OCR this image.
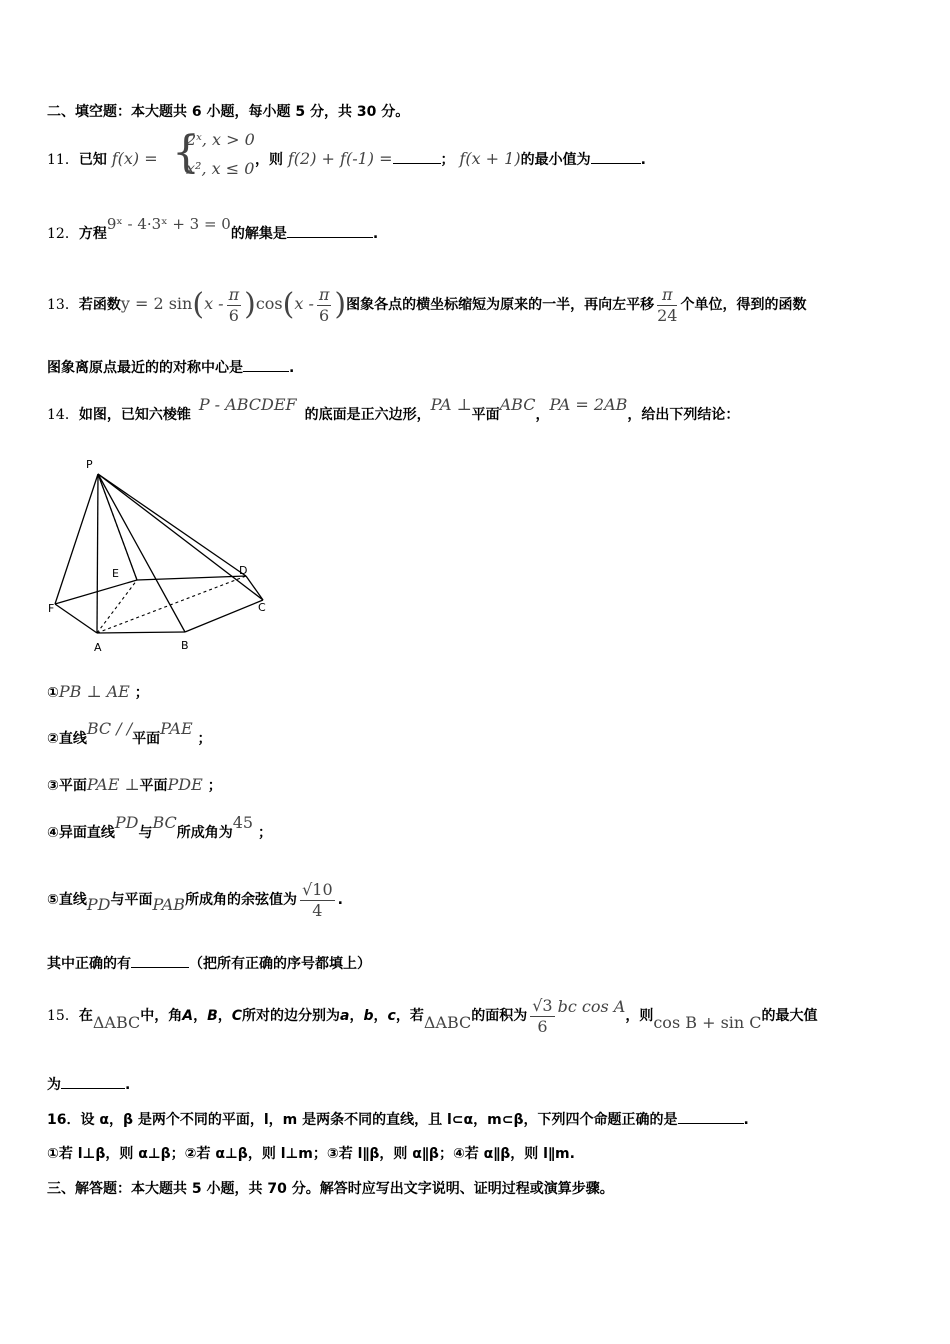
二、填空题：本大题共 6 小题，每小题 5 分，共 30 分。
11．已知 f(x) = {
2ˣ, x > 0
x², x ≤ 0 ，则 f(2) + f(-1) =	； f(x + 1)的最小值为	.
12．方程9ˣ - 4·3ˣ + 3 = 0的解集是	.
13．若函数y = 2 $\sin(x - \frac{\pi}{6} )\cos(x - \frac{\pi}{6}$ )图象各点的横坐标缩短为原来的一半，再向左平移 $\frac{\pi}{24}$ 个单位，得到的函数
图象离原点最近的的对称中心是	.
14．如图，已知六棱锥P - ABCDEF的底面是正六边形，PA ⊥平面ABC，PA = 2AB，给出下列结论：
P
E	D
F	C
A	B
①PB ⊥ AE ；
②直线BC / /平面PAE ；
③平面PAE ⊥平面PDE ；
④异面直线PD与BC所成角为45 ；
⑤直线PD与平面PAB所成角的余弦值为 $\frac{√10}{4}$ .
其中正确的有	（把所有正确的序号都填上）
15．在ΔABC中，角A，B，C所对的边分别为a，b，c，若ΔABC的面积为 $\frac{√3}{6}$ bc cos A，则cos B + sin C的最大值
为	.
16．设 α，β 是两个不同的平面，l，m 是两条不同的直线，且 l⊂α，m⊂β，下列四个命题正确的是	.
①若 l⊥β，则 α⊥β；②若 α⊥β，则 l⊥m；③若 l∥β，则 α∥β；④若 α∥β，则 l∥m.
三、解答题：本大题共 5 小题，共 70 分。解答时应写出文字说明、证明过程或演算步骤。
